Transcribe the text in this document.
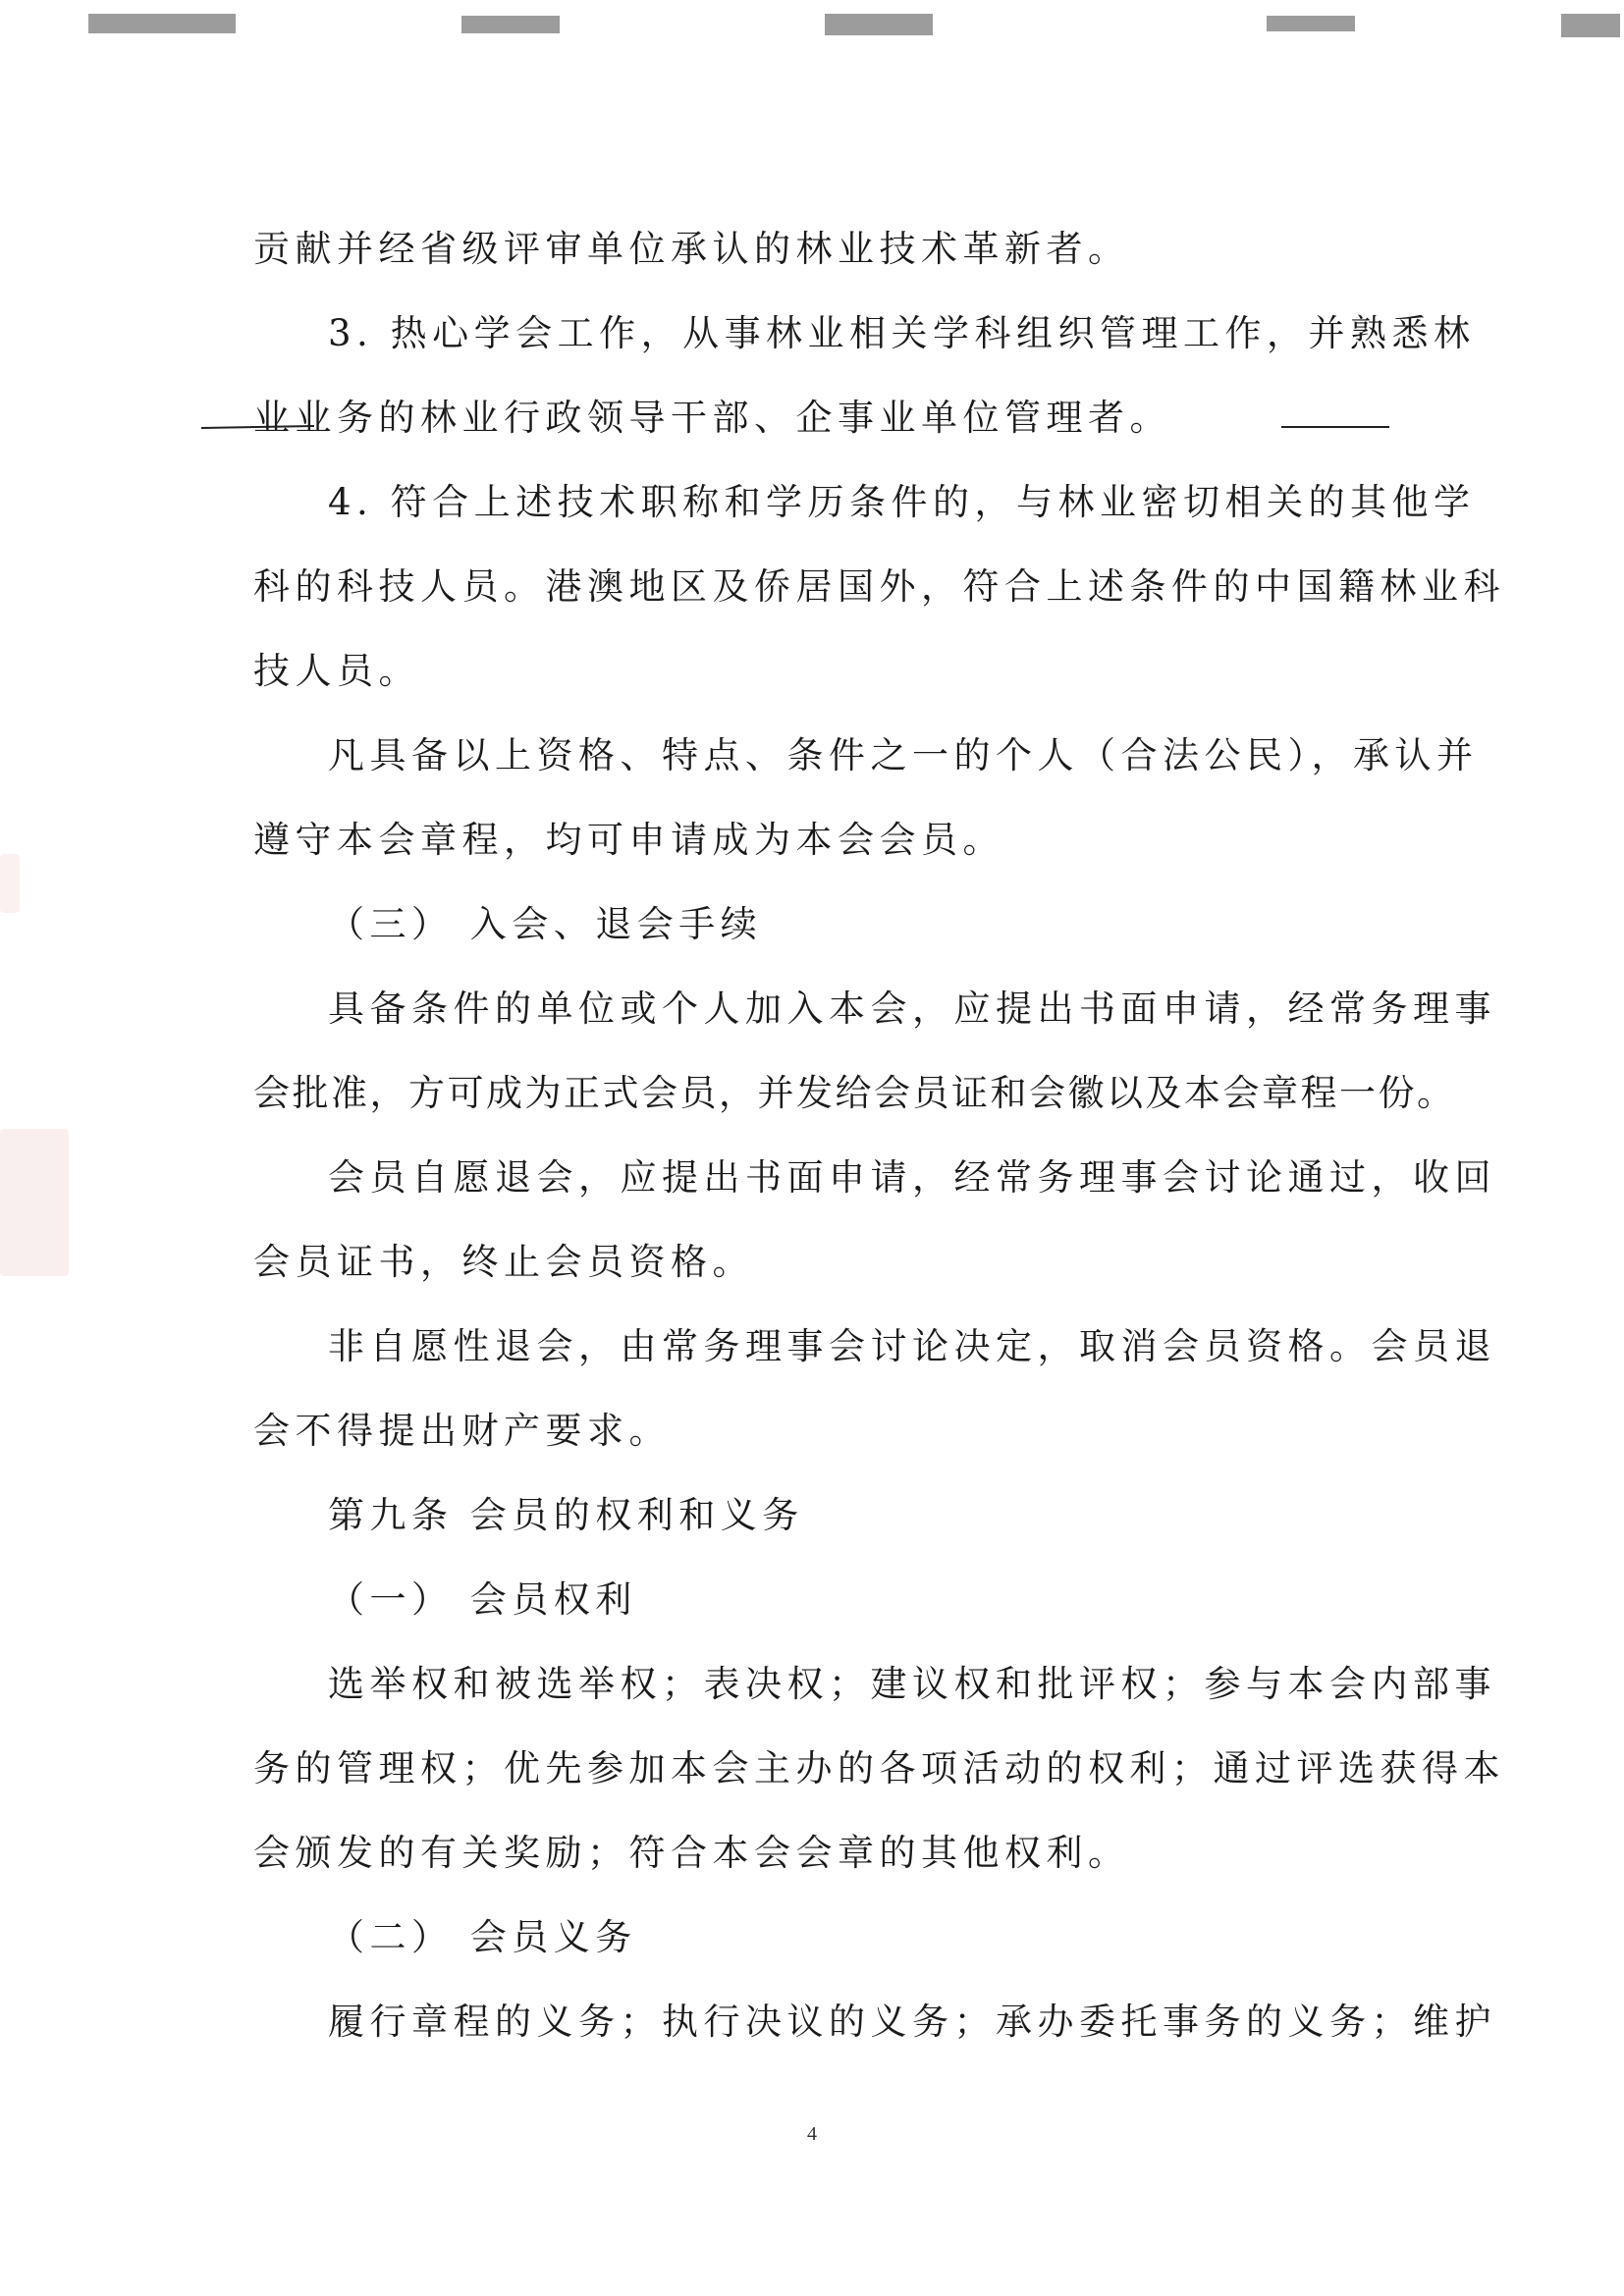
贡献并经省级评审单位承认的林业技术革新者。
3. 热心学会工作，从事林业相关学科组织管理工作，并熟悉林
业业务的林业行政领导干部、企事业单位管理者。
4. 符合上述技术职称和学历条件的，与林业密切相关的其他学
科的科技人员。港澳地区及侨居国外，符合上述条件的中国籍林业科
技人员。
凡具备以上资格、特点、条件之一的个人（合法公民），承认并
遵守本会章程，均可申请成为本会会员。
（三） 入会、退会手续
具备条件的单位或个人加入本会，应提出书面申请，经常务理事
会批准，方可成为正式会员，并发给会员证和会徽以及本会章程一份。
会员自愿退会，应提出书面申请，经常务理事会讨论通过，收回
会员证书，终止会员资格。
非自愿性退会，由常务理事会讨论决定，取消会员资格。会员退
会不得提出财产要求。
第九条 会员的权利和义务
（一） 会员权利
选举权和被选举权；表决权；建议权和批评权；参与本会内部事
务的管理权；优先参加本会主办的各项活动的权利；通过评选获得本
会颁发的有关奖励；符合本会会章的其他权利。
（二） 会员义务
履行章程的义务；执行决议的义务；承办委托事务的义务；维护
4
